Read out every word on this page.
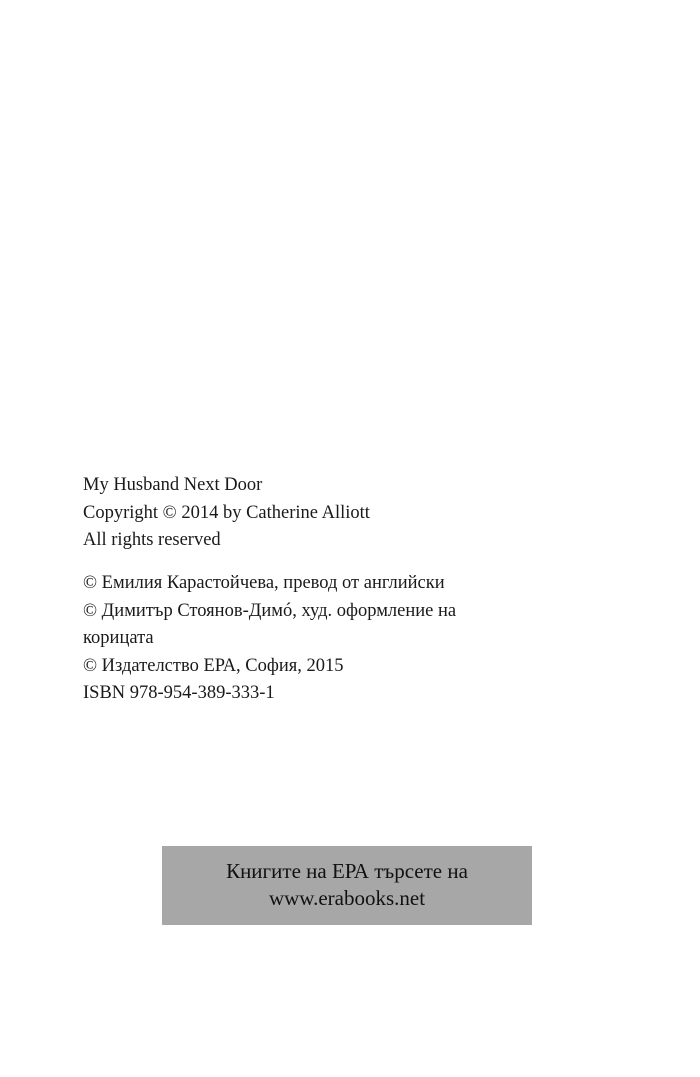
My Husband Next Door
Copyright © 2014 by Catherine Alliott
All rights reserved
© Емилия Карастойчева, превод от английски
© Димитър Стоянов-Димó, худ. оформление на корицата
© Издателство ЕРА, София, 2015
ISBN 978-954-389-333-1
Книгите на ЕРА търсете на
www.erabooks.net
